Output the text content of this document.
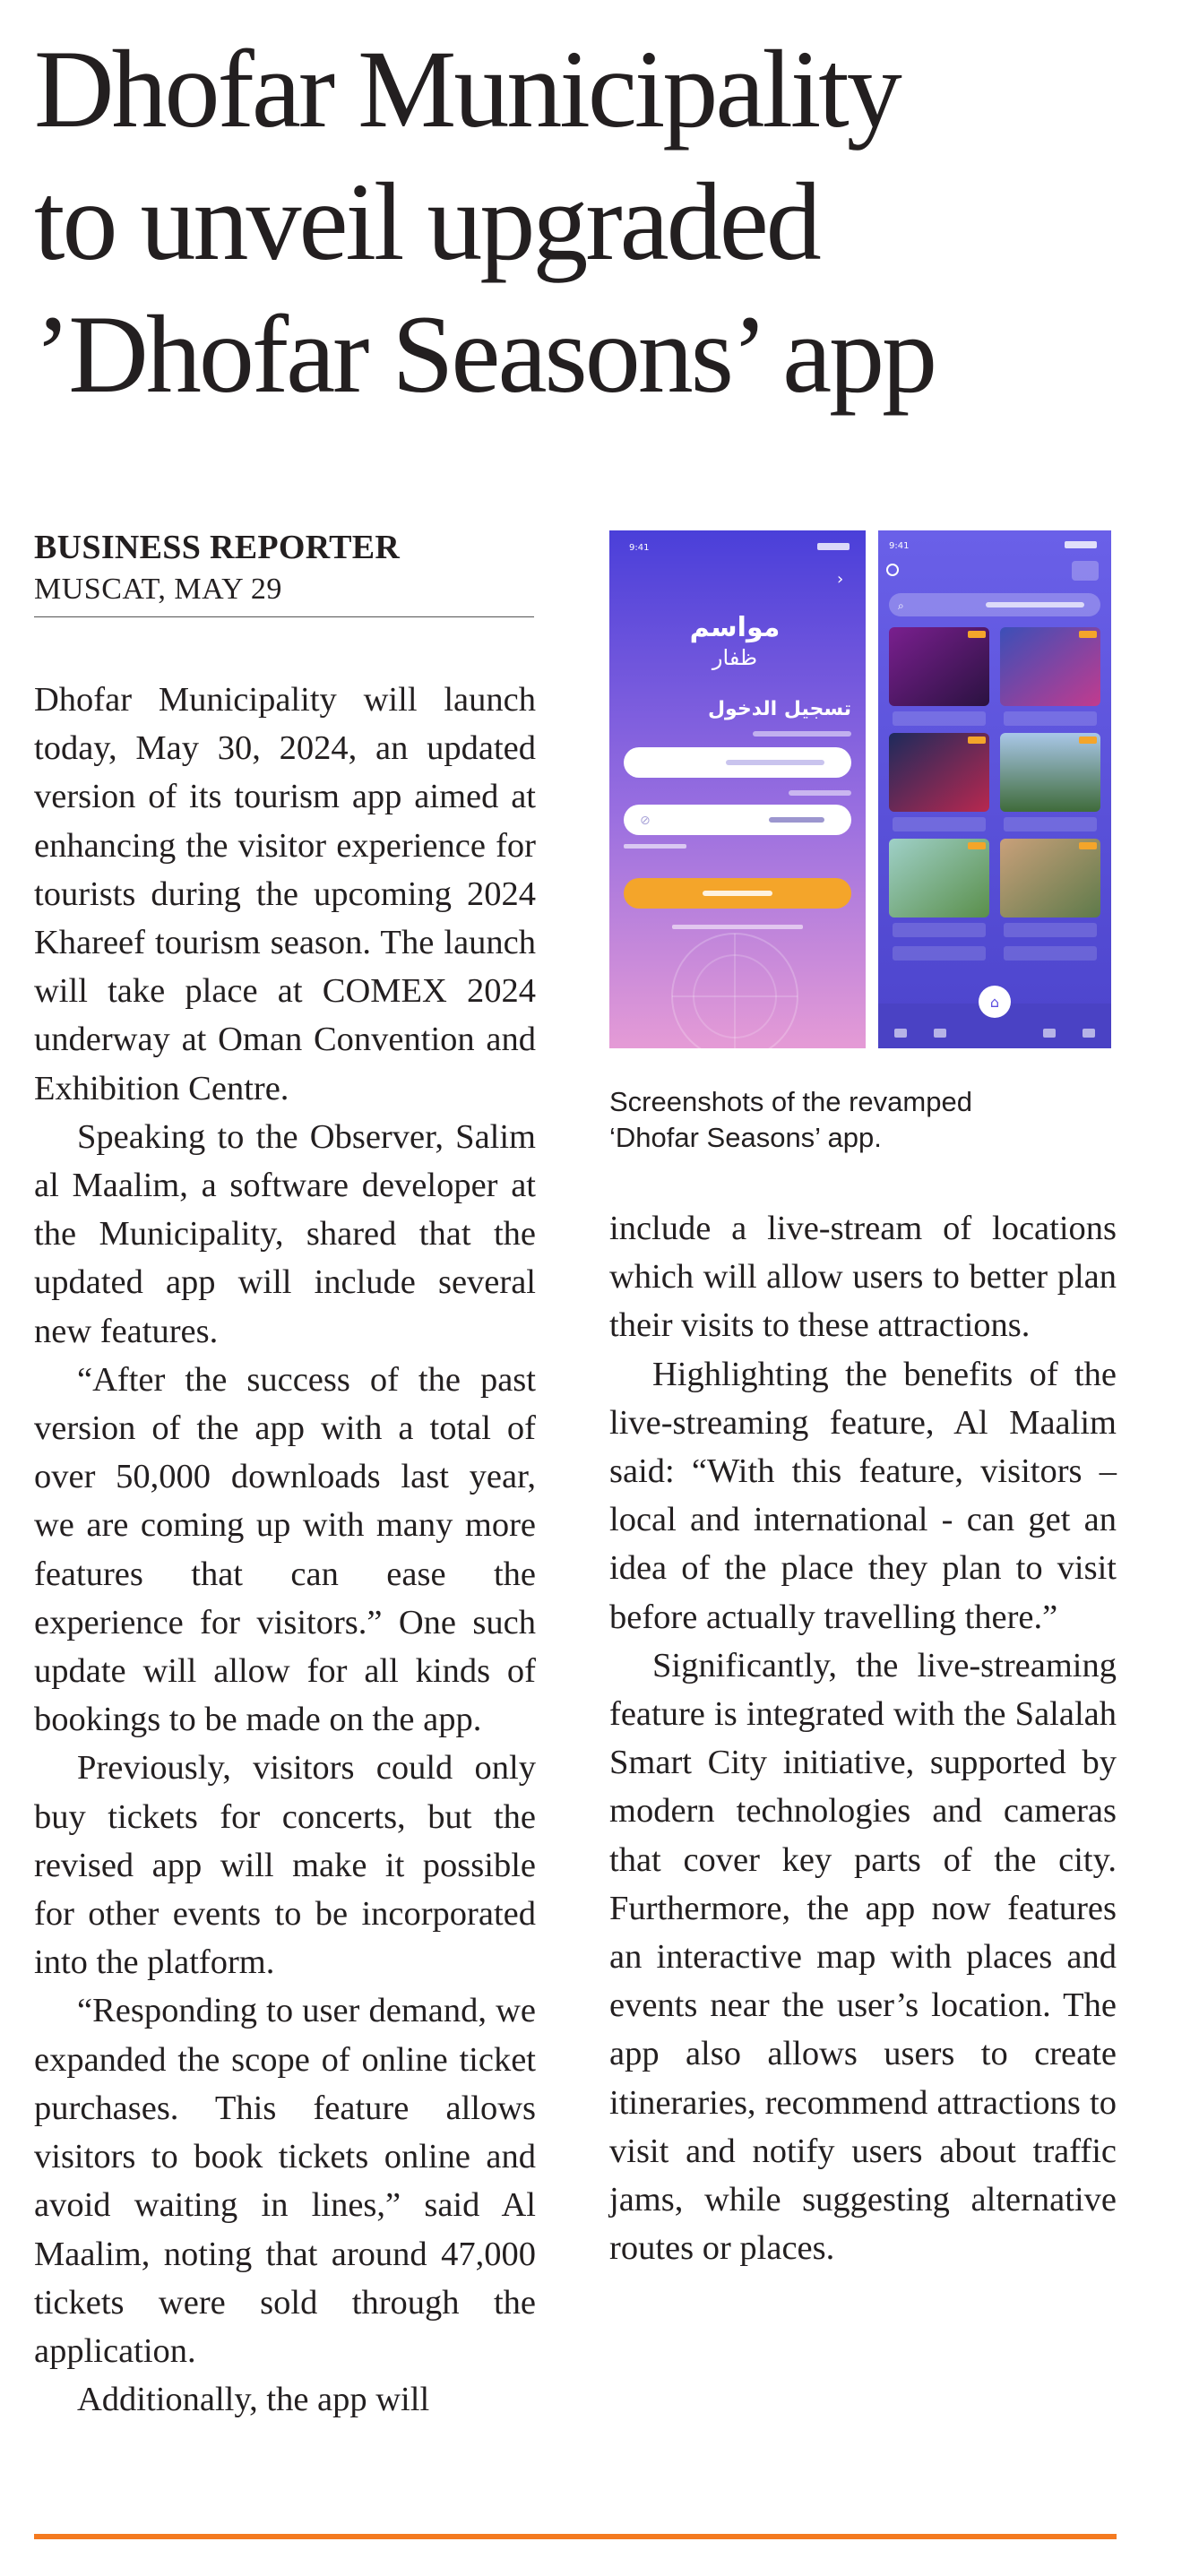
Dhofar Municipality
to unveil upgraded
’Dhofar Seasons’ app
BUSINESS REPORTER
MUSCAT, MAY 29

Dhofar Municipality will launch today, May 30, 2024, an updated version of its tourism app aimed at enhancing the visitor experience for tourists during the upcoming 2024 Khareef tourism season. The launch will take place at COMEX 2024 underway at Oman Convention and Exhibition Centre.

Speaking to the Observer, Salim al Maalim, a software developer at the Municipality, shared that the updated app will include several new features.

“After the success of the past version of the app with a total of over 50,000 downloads last year, we are coming up with many more features that can ease the experience for visitors.” One such update will allow for all kinds of bookings to be made on the app.

Previously, visitors could only buy tickets for concerts, but the revised app will make it possible for other events to be incorporated into the platform.

“Responding to user demand, we expanded the scope of online ticket purchases. This feature allows visitors to book tickets online and avoid waiting in lines,” said Al Maalim, noting that around 47,000 tickets were sold through the application.

Additionally, the app will

9:41
›
مواسم
ظفار
تسجيل الدخول
⊘
9:41
⌕
⌂
Screenshots of the revamped
‘Dhofar Seasons’ app.

include a live-stream of locations which will allow users to better plan their visits to these attractions.

Highlighting the benefits of the live-streaming feature, Al Maalim said: “With this feature, visitors – local and international - can get an idea of the place they plan to visit before actually travelling there.”

Significantly, the live-streaming feature is integrated with the Salalah Smart City initiative, supported by modern technologies and cameras that cover key parts of the city. Furthermore, the app now features an interactive map with places and events near the user’s location. The app also allows users to create itineraries, recommend attractions to visit and notify users about traffic jams, while suggesting alternative routes or places.
